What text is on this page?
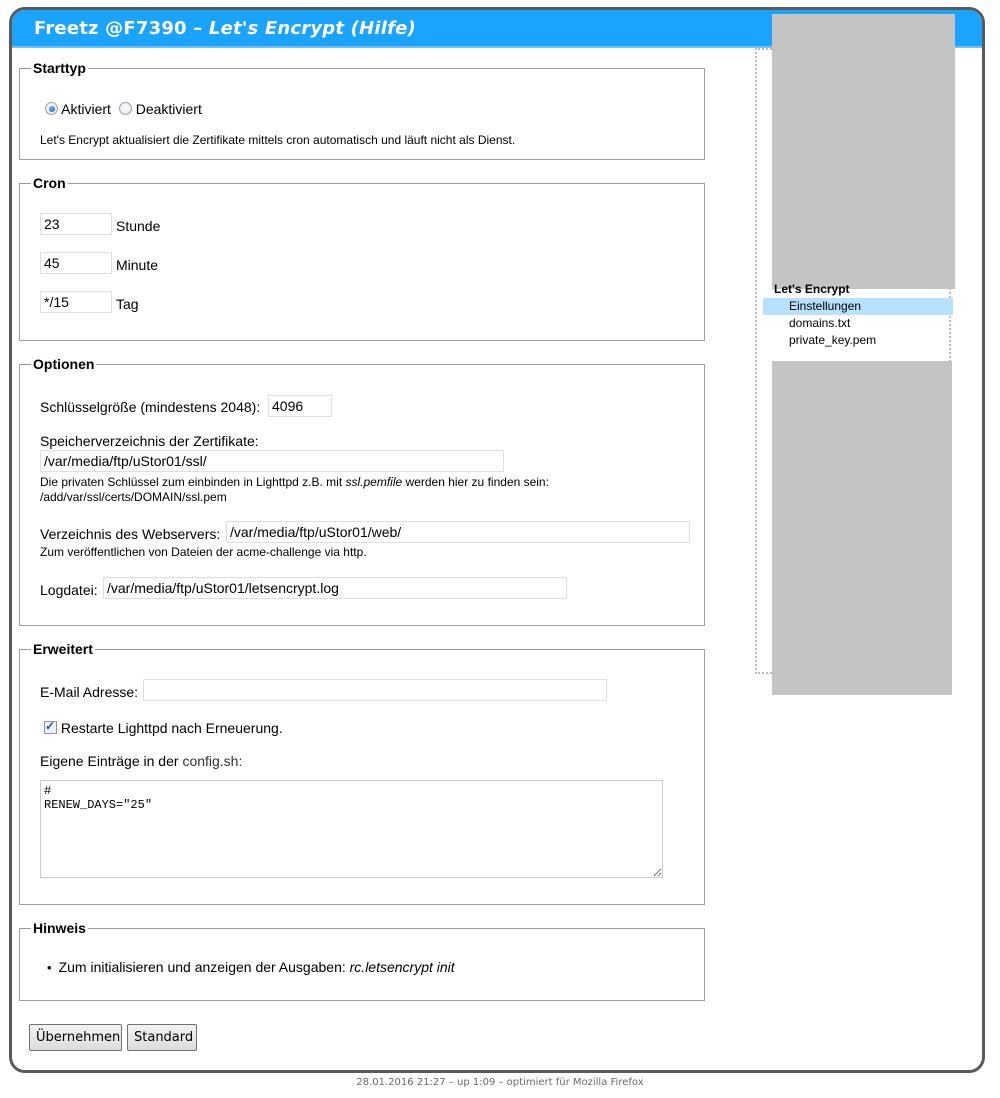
Freetz @F7390 – Let's Encrypt (Hilfe)
Starttyp
Aktiviert Deaktiviert
Let's Encrypt aktualisiert die Zertifikate mittels cron automatisch und läuft nicht als Dienst.
Cron
23
Stunde
45
Minute
*/15
Tag
Optionen
Schlüsselgröße (mindestens 2048):
4096
Speicherverzeichnis der Zertifikate:
/var/media/ftp/uStor01/ssl/
Die privaten Schlüssel zum einbinden in Lighttpd z.B. mit ssl.pemfile werden hier zu finden sein:
/add/var/ssl/certs/DOMAIN/ssl.pem
Verzeichnis des Webservers:
/var/media/ftp/uStor01/web/
Zum veröffentlichen von Dateien der acme-challenge via http.
Logdatei:
/var/media/ftp/uStor01/letsencrypt.log
Erweitert
E-Mail Adresse:
✓ Restarte Lighttpd nach Erneuerung.
Eigene Einträge in der config.sh:
# RENEW_DAYS="25"
Hinweis
• Zum initialisieren und anzeigen der Ausgaben: rc.letsencrypt init
Übernehmen	Standard
Let's Encrypt
Einstellungen
domains.txt
private_key.pem
28.01.2016 21:27 – up 1:09 – optimiert für Mozilla Firefox
